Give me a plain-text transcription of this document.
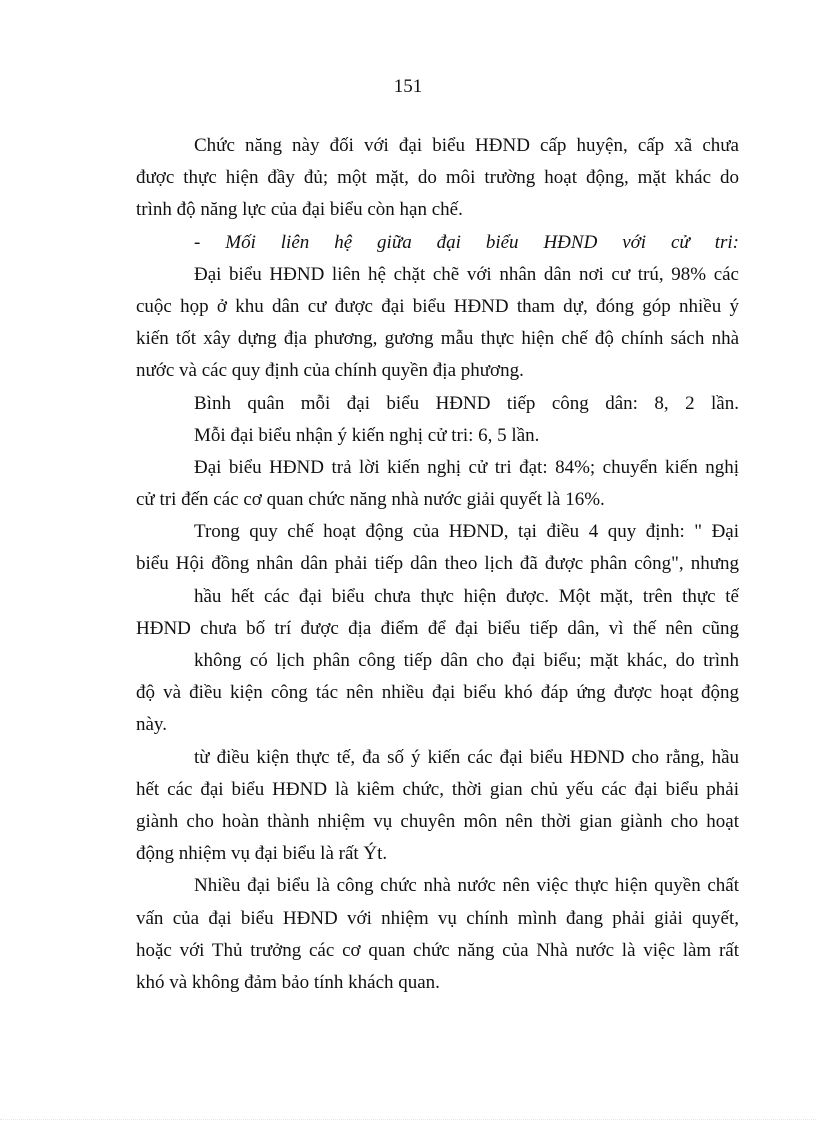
151
Chức năng này đối với đại biểu HĐND cấp huyện, cấp xã chưa
được thực hiện đầy đủ; một mặt, do môi trường hoạt động, mặt khác do
trình độ năng lực của đại biểu còn hạn chế.
- Mối liên hệ giữa đại biểu HĐND với cử tri:
Đại biểu HĐND liên hệ chặt chẽ với nhân dân nơi cư trú, 98% các
cuộc họp ở khu dân cư được đại biểu HĐND tham dự, đóng góp nhiều ý
kiến tốt xây dựng địa phương, gương mẫu thực hiện chế độ chính sách nhà
nước và các quy định của chính quyền địa phương.
Bình quân mỗi đại biểu HĐND tiếp công dân: 8, 2 lần.
Mỗi đại biểu nhận ý kiến nghị cử tri: 6, 5 lần.
Đại biểu HĐND trả lời kiến nghị cử tri đạt: 84%; chuyển kiến nghị
cử tri đến các cơ quan chức năng nhà nước giải quyết là 16%.
Trong quy chế hoạt động của HĐND, tại điều 4 quy định: " Đại
biểu Hội đồng nhân dân phải tiếp dân theo lịch đã được phân công", nhưng
hầu hết các đại biểu chưa thực hiện được. Một mặt, trên thực tế
HĐND chưa bố trí được địa điểm để đại biểu tiếp dân, vì thế nên cũng
không có lịch phân công tiếp dân cho đại biểu; mặt khác, do trình
độ và điều kiện công tác nên nhiều đại biểu khó đáp ứng được hoạt động
này.
từ điều kiện thực tế, đa số ý kiến các đại biểu HĐND cho rằng, hầu
hết các đại biểu HĐND là kiêm chức, thời gian chủ yếu các đại biểu phải
giành cho hoàn thành nhiệm vụ chuyên môn nên thời gian giành cho hoạt
động nhiệm vụ đại biểu là rất Ýt.
Nhiều đại biểu là công chức nhà nước nên việc thực hiện quyền chất
vấn của đại biểu HĐND với nhiệm vụ chính mình đang phải giải quyết,
hoặc với Thủ trưởng các cơ quan chức năng của Nhà nước là việc làm rất
khó và không đảm bảo tính khách quan.
